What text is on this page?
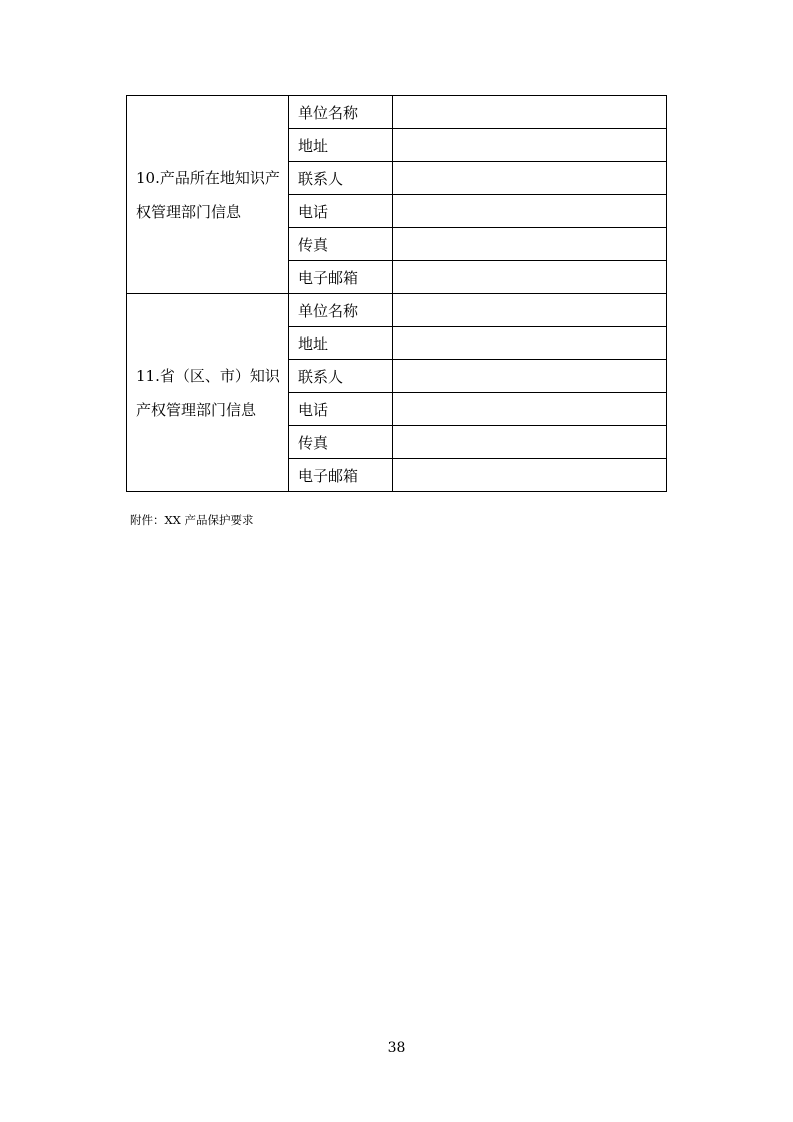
10.产品所在地知识产权管理部门信息	单位名称	
	地址	
	联系人	
	电话	
	传真	
	电子邮箱	
11.省（区、市）知识产权管理部门信息	单位名称	
	地址	
	联系人	
	电话	
	传真	
	电子邮箱	
附件：XX 产品保护要求
38
